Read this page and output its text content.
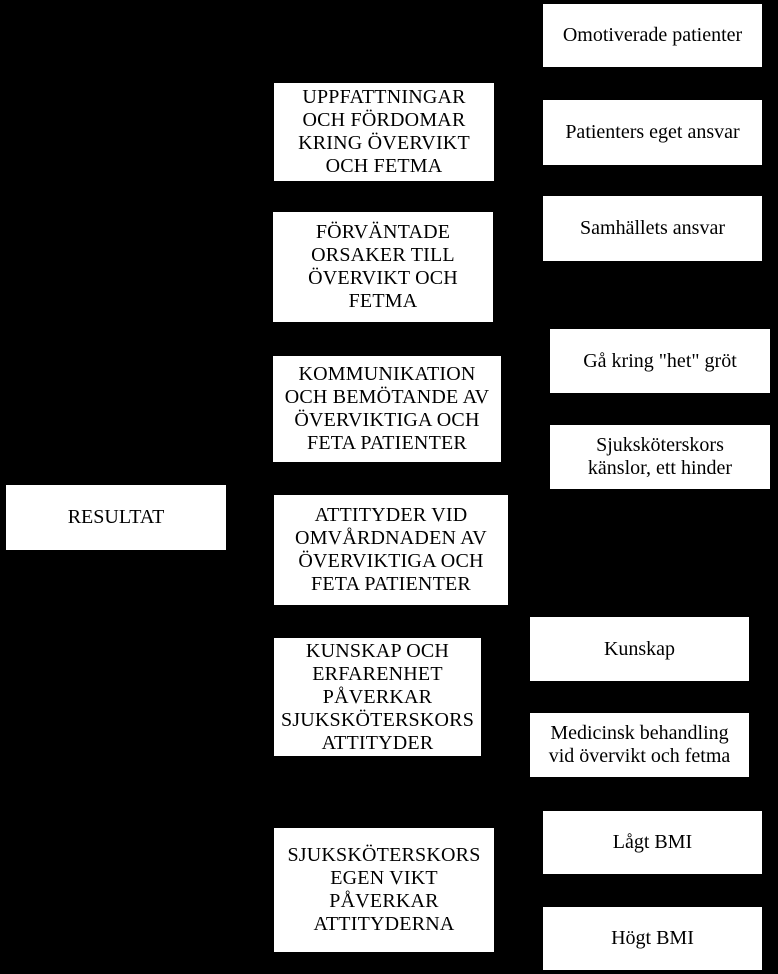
RESULTAT
UPPFATTNINGAR
OCH FÖRDOMAR
KRING ÖVERVIKT
OCH FETMA
FÖRVÄNTADE
ORSAKER TILL
ÖVERVIKT OCH
FETMA
KOMMUNIKATION
OCH BEMÖTANDE AV
ÖVERVIKTIGA OCH
FETA PATIENTER
ATTITYDER VID
OMVÅRDNADEN AV
ÖVERVIKTIGA OCH
FETA PATIENTER
KUNSKAP OCH
ERFARENHET
PÅVERKAR
SJUKSKÖTERSKORS
ATTITYDER
SJUKSKÖTERSKORS
EGEN VIKT
PÅVERKAR
ATTITYDERNA
Omotiverade patienter
Patienters eget ansvar
Samhällets ansvar
Gå kring "het" gröt
Sjuksköterskors
känslor, ett hinder
Kunskap
Medicinsk behandling
vid övervikt och fetma
Lågt BMI
Högt BMI
